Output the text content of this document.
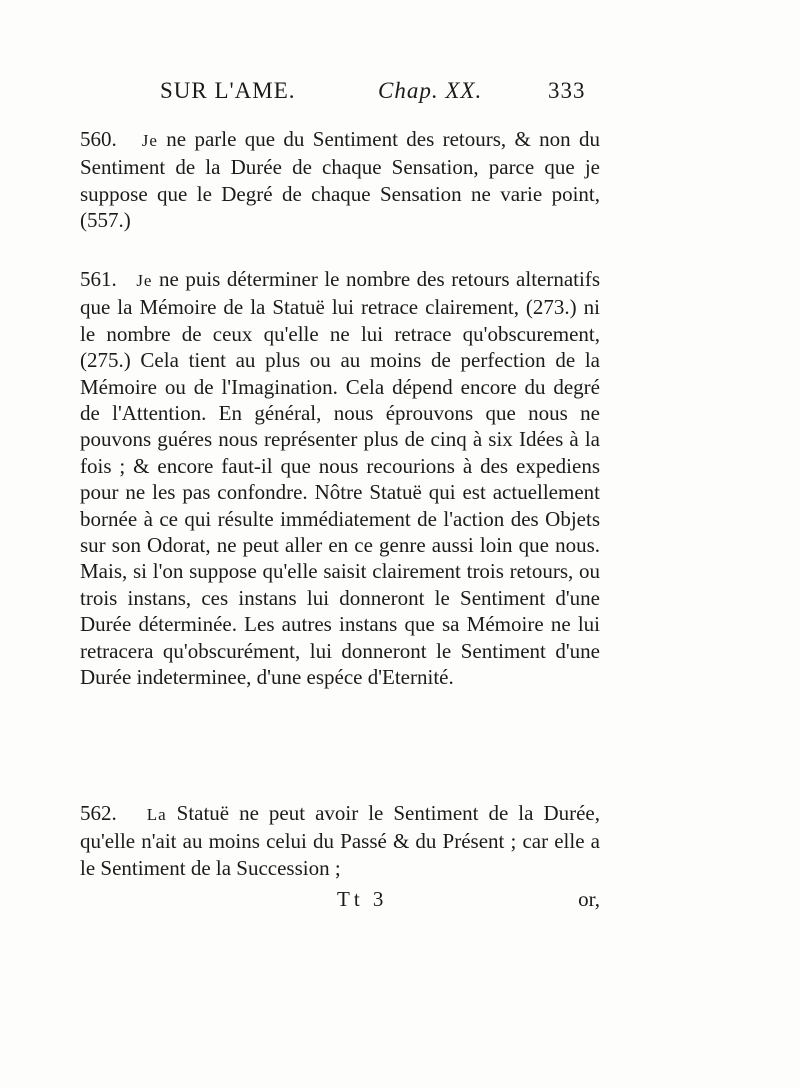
SUR L'AME.	Chap. XX.	333

560. Je ne parle que du Sentiment des retours, & non du Sentiment de la Durée de chaque Sensation, parce que je suppose que le Degré de chaque Sensation ne varie point, (557.)

561. Je ne puis déterminer le nombre des retours alternatifs que la Mémoire de la Statuë lui retrace clairement, (273.) ni le nombre de ceux qu'elle ne lui retrace qu'obscurement, (275.) Cela tient au plus ou au moins de perfection de la Mémoire ou de l'Imagination. Cela dépend encore du degré de l'Attention. En général, nous éprouvons que nous ne pouvons guéres nous représenter plus de cinq à six Idées à la fois ; & encore faut-il que nous recourions à des expediens pour ne les pas confondre. Nôtre Statuë qui est actuellement bornée à ce qui résulte immédiatement de l'action des Objets sur son Odorat, ne peut aller en ce genre aussi loin que nous. Mais, si l'on suppose qu'elle saisit clairement trois retours, ou trois instans, ces instans lui donneront le Sentiment d'une Durée déterminée. Les autres instans que sa Mémoire ne lui retracera qu'obscurément, lui donneront le Sentiment d'une Durée indeterminee, d'une espéce d'Eternité.

562. La Statuë ne peut avoir le Sentiment de la Durée, qu'elle n'ait au moins celui du Passé & du Présent ; car elle a le Sentiment de la Succession ;

Tt 3	or,
